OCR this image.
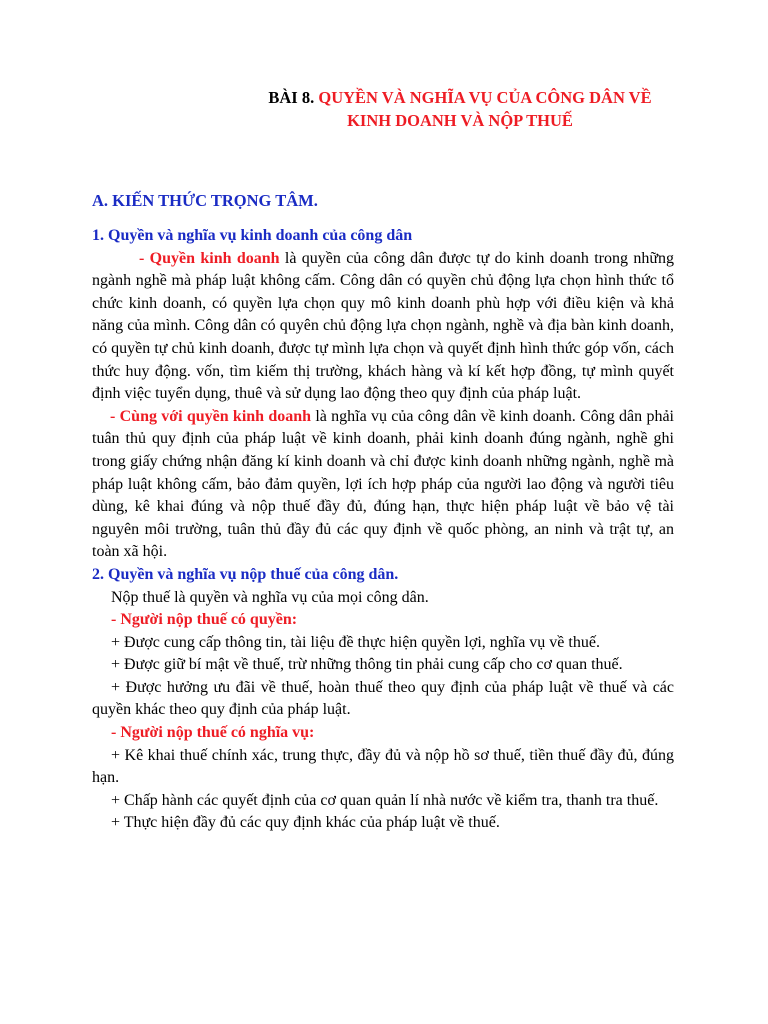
BÀI 8. QUYỀN VÀ NGHĨA VỤ CỦA CÔNG DÂN VỀ
KINH DOANH VÀ NỘP THUẾ
A. KIẾN THỨC TRỌNG TÂM.

1. Quyền và nghĩa vụ kinh doanh của công dân

- Quyền kinh doanh là quyền của công dân được tự do kinh doanh trong những ngành nghề mà pháp luật không cấm. Công dân có quyền chủ động lựa chọn hình thức tổ chức kinh doanh, có quyền lựa chọn quy mô kinh doanh phù hợp với điều kiện và khả năng của mình. Công dân có quyên chủ động lựa chọn ngành, nghề và địa bàn kinh doanh, có quyền tự chủ kinh doanh, được tự mình lựa chọn và quyết định hình thức góp vốn, cách thức huy động. vốn, tìm kiếm thị trường, khách hàng và kí kết hợp đồng, tự mình quyết định việc tuyển dụng, thuê và sử dụng lao động theo quy định của pháp luật.

- Cùng với quyền kinh doanh là nghĩa vụ của công dân về kinh doanh. Công dân phải tuân thủ quy định của pháp luật về kinh doanh, phải kinh doanh đúng ngành, nghề ghi trong giấy chứng nhận đăng kí kinh doanh và chỉ được kinh doanh những ngành, nghề mà pháp luật không cấm, bảo đảm quyền, lợi ích hợp pháp của người lao động và người tiêu dùng, kê khai đúng và nộp thuế đầy đủ, đúng hạn, thực hiện pháp luật về bảo vệ tài nguyên môi trường, tuân thủ đầy đủ các quy định về quốc phòng, an ninh và trật tự, an toàn xã hội.

2. Quyền và nghĩa vụ nộp thuế của công dân.

Nộp thuế là quyền và nghĩa vụ của mọi công dân.

- Người nộp thuế có quyền:

+ Được cung cấp thông tin, tài liệu đề thực hiện quyền lợi, nghĩa vụ về thuế.

+ Được giữ bí mật về thuế, trừ những thông tin phải cung cấp cho cơ quan thuế.

+ Được hưởng ưu đãi về thuế, hoàn thuế theo quy định của pháp luật về thuế và các quyền khác theo quy định của pháp luật.

- Người nộp thuế có nghĩa vụ:

+ Kê khai thuế chính xác, trung thực, đầy đủ và nộp hồ sơ thuế, tiền thuế đầy đủ, đúng hạn.

+ Chấp hành các quyết định của cơ quan quản lí nhà nước về kiểm tra, thanh tra thuế.

+ Thực hiện đầy đủ các quy định khác của pháp luật về thuế.
